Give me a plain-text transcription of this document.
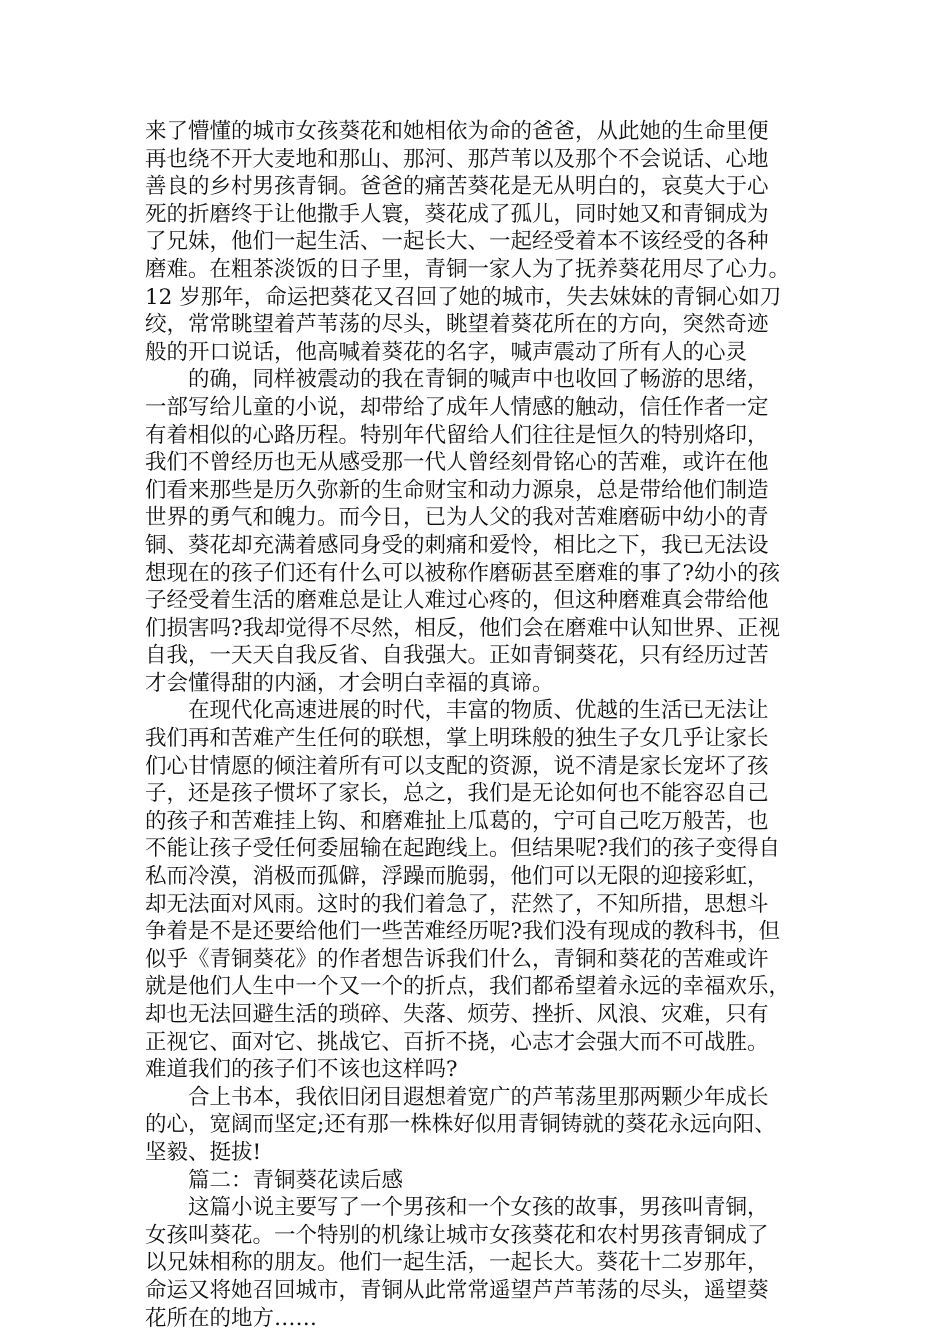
来了懵懂的城市女孩葵花和她相依为命的爸爸，从此她的生命里便

再也绕不开大麦地和那山、那河、那芦苇以及那个不会说话、心地

善良的乡村男孩青铜。爸爸的痛苦葵花是无从明白的，哀莫大于心

死的折磨终于让他撒手人寰，葵花成了孤儿，同时她又和青铜成为

了兄妹，他们一起生活、一起长大、一起经受着本不该经受的各种

磨难。在粗茶淡饭的日子里，青铜一家人为了抚养葵花用尽了心力。

12 岁那年，命运把葵花又召回了她的城市，失去妹妹的青铜心如刀

绞，常常眺望着芦苇荡的尽头，眺望着葵花所在的方向，突然奇迹

般的开口说话，他高喊着葵花的名字，喊声震动了所有人的心灵

的确，同样被震动的我在青铜的喊声中也收回了畅游的思绪，

一部写给儿童的小说，却带给了成年人情感的触动，信任作者一定

有着相似的心路历程。特别年代留给人们往往是恒久的特别烙印，

我们不曾经历也无从感受那一代人曾经刻骨铭心的苦难，或许在他

们看来那些是历久弥新的生命财宝和动力源泉，总是带给他们制造

世界的勇气和魄力。而今日，已为人父的我对苦难磨砺中幼小的青

铜、葵花却充满着感同身受的刺痛和爱怜，相比之下，我已无法设

想现在的孩子们还有什么可以被称作磨砺甚至磨难的事了?幼小的孩

子经受着生活的磨难总是让人难过心疼的，但这种磨难真会带给他

们损害吗?我却觉得不尽然，相反，他们会在磨难中认知世界、正视

自我，一天天自我反省、自我强大。正如青铜葵花，只有经历过苦

才会懂得甜的内涵，才会明白幸福的真谛。

在现代化高速进展的时代，丰富的物质、优越的生活已无法让

我们再和苦难产生任何的联想，掌上明珠般的独生子女几乎让家长

们心甘情愿的倾注着所有可以支配的资源，说不清是家长宠坏了孩

子，还是孩子惯坏了家长，总之，我们是无论如何也不能容忍自己

的孩子和苦难挂上钩、和磨难扯上瓜葛的，宁可自己吃万般苦，也

不能让孩子受任何委屈输在起跑线上。但结果呢?我们的孩子变得自

私而冷漠，消极而孤僻，浮躁而脆弱，他们可以无限的迎接彩虹，

却无法面对风雨。这时的我们着急了，茫然了，不知所措，思想斗

争着是不是还要给他们一些苦难经历呢?我们没有现成的教科书，但

似乎《青铜葵花》的作者想告诉我们什么，青铜和葵花的苦难或许

就是他们人生中一个又一个的折点，我们都希望着永远的幸福欢乐，

却也无法回避生活的琐碎、失落、烦劳、挫折、风浪、灾难，只有

正视它、面对它、挑战它、百折不挠，心志才会强大而不可战胜。

难道我们的孩子们不该也这样吗?

合上书本，我依旧闭目遐想着宽广的芦苇荡里那两颗少年成长

的心，宽阔而坚定;还有那一株株好似用青铜铸就的葵花永远向阳、

坚毅、挺拔!

篇二：青铜葵花读后感

这篇小说主要写了一个男孩和一个女孩的故事，男孩叫青铜，

女孩叫葵花。一个特别的机缘让城市女孩葵花和农村男孩青铜成了

以兄妹相称的朋友。他们一起生活，一起长大。葵花十二岁那年，

命运又将她召回城市，青铜从此常常遥望芦芦苇荡的尽头，遥望葵

花所在的地方……
